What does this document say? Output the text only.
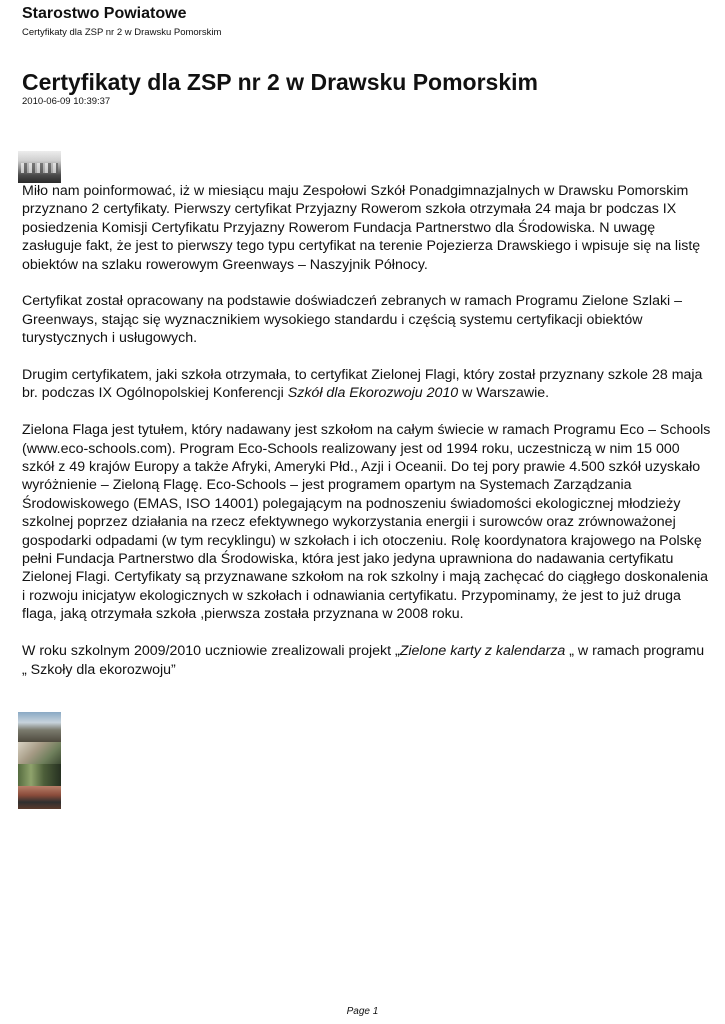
Starostwo Powiatowe
Certyfikaty dla ZSP nr 2 w Drawsku Pomorskim
Certyfikaty dla ZSP nr 2 w Drawsku Pomorskim
2010-06-09 10:39:37

Miło nam poinformować, iż w miesiącu maju Zespołowi Szkół Ponadgimnazjalnych w Drawsku Pomorskim przyznano 2 certyfikaty. Pierwszy certyfikat Przyjazny Rowerom szkoła otrzymała 24 maja br podczas IX posiedzenia Komisji Certyfikatu Przyjazny Rowerom Fundacja Partnerstwo dla Środowiska. N uwagę zasługuje fakt, że jest to pierwszy tego typu certyfikat na terenie Pojezierza Drawskiego i wpisuje się na listę obiektów na szlaku rowerowym Greenways – Naszyjnik Północy.

Certyfikat został opracowany na podstawie doświadczeń zebranych w ramach Programu Zielone Szlaki – Greenways, stając się wyznacznikiem wysokiego standardu i częścią systemu certyfikacji obiektów turystycznych i usługowych.

Drugim certyfikatem, jaki szkoła otrzymała, to certyfikat Zielonej Flagi, który został przyznany szkole 28 maja br. podczas IX Ogólnopolskiej Konferencji Szkół dla Ekorozwoju 2010 w Warszawie.

Zielona Flaga jest tytułem, który nadawany jest szkołom na całym świecie w ramach Programu Eco – Schools (www.eco-schools.com). Program Eco-Schools realizowany jest od 1994 roku, uczestniczą w nim 15 000 szkół z 49 krajów Europy a także Afryki, Ameryki Płd., Azji i Oceanii. Do tej pory prawie 4.500 szkół uzyskało wyróżnienie – Zieloną Flagę. Eco-Schools – jest programem opartym na Systemach Zarządzania Środowiskowego (EMAS, ISO 14001) polegającym na podnoszeniu świadomości ekologicznej młodzieży szkolnej poprzez działania na rzecz efektywnego wykorzystania energii i surowców oraz zrównoważonej gospodarki odpadami (w tym recyklingu) w szkołach i ich otoczeniu. Rolę koordynatora krajowego na Polskę pełni Fundacja Partnerstwo dla Środowiska, która jest jako jedyna uprawniona do nadawania certyfikatu Zielonej Flagi. Certyfikaty są przyznawane szkołom na rok szkolny i mają zachęcać do ciągłego doskonalenia i rozwoju inicjatyw ekologicznych w szkołach i odnawiania certyfikatu. Przypominamy, że jest to już druga flaga, jaką otrzymała szkoła ,pierwsza została przyznana w 2008 roku.

W roku szkolnym 2009/2010 uczniowie zrealizowali projekt „Zielone karty z kalendarza „ w ramach programu „ Szkoły dla ekorozwoju”

Page 1
